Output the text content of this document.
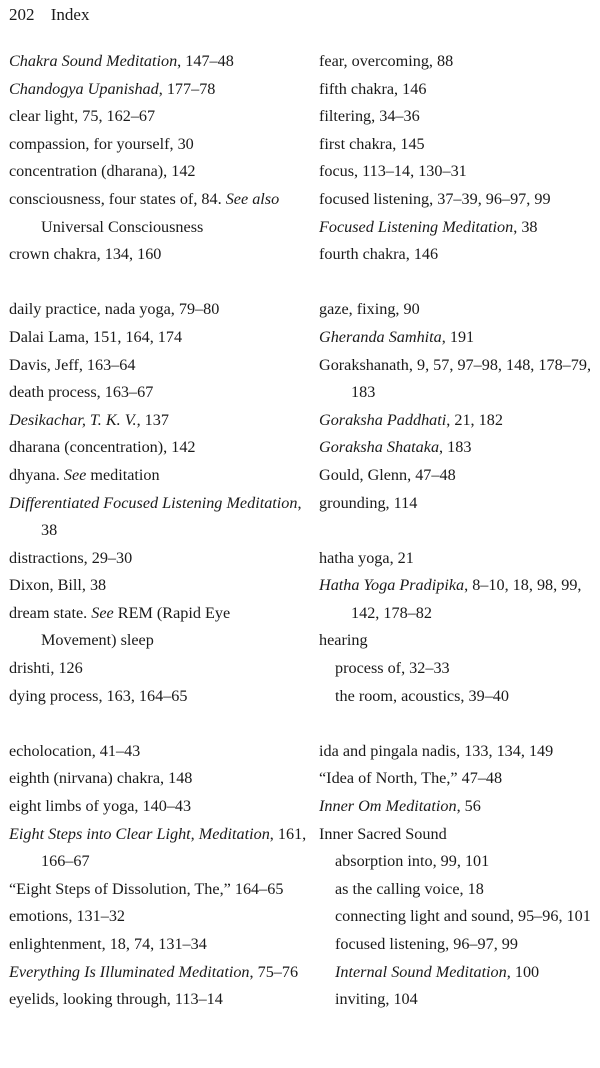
202 Index
Chakra Sound Meditation, 147–48
Chandogya Upanishad, 177–78
clear light, 75, 162–67
compassion, for yourself, 30
concentration (dharana), 142
consciousness, four states of, 84. See also Universal Consciousness
crown chakra, 134, 160
daily practice, nada yoga, 79–80
Dalai Lama, 151, 164, 174
Davis, Jeff, 163–64
death process, 163–67
Desikachar, T. K. V., 137
dharana (concentration), 142
dhyana. See meditation
Differentiated Focused Listening Meditation, 38
distractions, 29–30
Dixon, Bill, 38
dream state. See REM (Rapid Eye Movement) sleep
drishti, 126
dying process, 163, 164–65
echolocation, 41–43
eighth (nirvana) chakra, 148
eight limbs of yoga, 140–43
Eight Steps into Clear Light, Meditation, 161, 166–67
“Eight Steps of Dissolution, The,” 164–65
emotions, 131–32
enlightenment, 18, 74, 131–34
Everything Is Illuminated Meditation, 75–76
eyelids, looking through, 113–14
fear, overcoming, 88
fifth chakra, 146
filtering, 34–36
first chakra, 145
focus, 113–14, 130–31
focused listening, 37–39, 96–97, 99
Focused Listening Meditation, 38
fourth chakra, 146
gaze, fixing, 90
Gheranda Samhita, 191
Gorakshanath, 9, 57, 97–98, 148, 178–79, 183
Goraksha Paddhati, 21, 182
Goraksha Shataka, 183
Gould, Glenn, 47–48
grounding, 114
hatha yoga, 21
Hatha Yoga Pradipika, 8–10, 18, 98, 99, 142, 178–82
hearing
process of, 32–33
the room, acoustics, 39–40
ida and pingala nadis, 133, 134, 149
“Idea of North, The,” 47–48
Inner Om Meditation, 56
Inner Sacred Sound
absorption into, 99, 101
as the calling voice, 18
connecting light and sound, 95–96, 101
focused listening, 96–97, 99
Internal Sound Meditation, 100
inviting, 104
